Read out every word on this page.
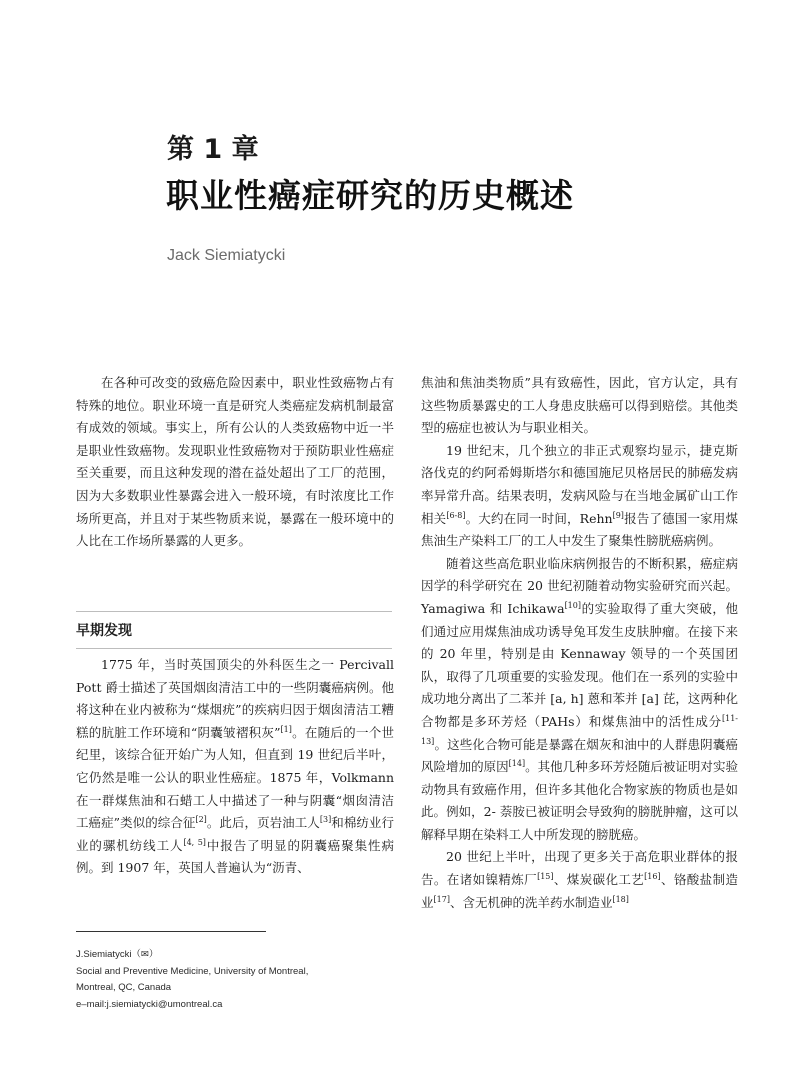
第 1 章
职业性癌症研究的历史概述
Jack Siemiatycki

在各种可改变的致癌危险因素中，职业性致癌物占有特殊的地位。职业环境一直是研究人类癌症发病机制最富有成效的领域。事实上，所有公认的人类致癌物中近一半是职业性致癌物。发现职业性致癌物对于预防职业性癌症至关重要，而且这种发现的潜在益处超出了工厂的范围，因为大多数职业性暴露会进入一般环境，有时浓度比工作场所更高，并且对于某些物质来说，暴露在一般环境中的人比在工作场所暴露的人更多。

早期发现

1775 年，当时英国顶尖的外科医生之一 Percivall Pott 爵士描述了英国烟囱清洁工中的一些阴囊癌病例。他将这种在业内被称为“煤烟疣”的疾病归因于烟囱清洁工糟糕的肮脏工作环境和“阴囊皱褶积灰”[1]。在随后的一个世纪里，该综合征开始广为人知，但直到 19 世纪后半叶，它仍然是唯一公认的职业性癌症。1875 年，Volkmann 在一群煤焦油和石蜡工人中描述了一种与阴囊“烟囱清洁工癌症”类似的综合征[2]。此后，页岩油工人[3]和棉纺业行业的骡机纺线工人[4, 5]中报告了明显的阴囊癌聚集性病例。到 1907 年，英国人普遍认为“沥青、

焦油和焦油类物质”具有致癌性，因此，官方认定，具有这些物质暴露史的工人身患皮肤癌可以得到赔偿。其他类型的癌症也被认为与职业相关。

19 世纪末，几个独立的非正式观察均显示，捷克斯洛伐克的约阿希姆斯塔尔和德国施尼贝格居民的肺癌发病率异常升高。结果表明，发病风险与在当地金属矿山工作相关[6-8]。大约在同一时间，Rehn[9]报告了德国一家用煤焦油生产染料工厂的工人中发生了聚集性膀胱癌病例。

随着这些高危职业临床病例报告的不断积累，癌症病因学的科学研究在 20 世纪初随着动物实验研究而兴起。Yamagiwa 和 Ichikawa[10]的实验取得了重大突破，他们通过应用煤焦油成功诱导兔耳发生皮肤肿瘤。在接下来的 20 年里，特别是由 Kennaway 领导的一个英国团队，取得了几项重要的实验发现。他们在一系列的实验中成功地分离出了二苯并 [a, h] 蒽和苯并 [a] 芘，这两种化合物都是多环芳烃（PAHs）和煤焦油中的活性成分[11-13]。这些化合物可能是暴露在烟灰和油中的人群患阴囊癌风险增加的原因[14]。其他几种多环芳烃随后被证明对实验动物具有致癌作用，但许多其他化合物家族的物质也是如此。例如，2- 萘胺已被证明会导致狗的膀胱肿瘤，这可以解释早期在染料工人中所发现的膀胱癌。

20 世纪上半叶，出现了更多关于高危职业群体的报告。在诸如镍精炼厂[15]、煤炭碳化工艺[16]、铬酸盐制造业[17]、含无机砷的洗羊药水制造业[18]

J.Siemiatycki（✉）
Social and Preventive Medicine, University of Montreal,
Montreal, QC, Canada
e–mail:j.siemiatycki@umontreal.ca
